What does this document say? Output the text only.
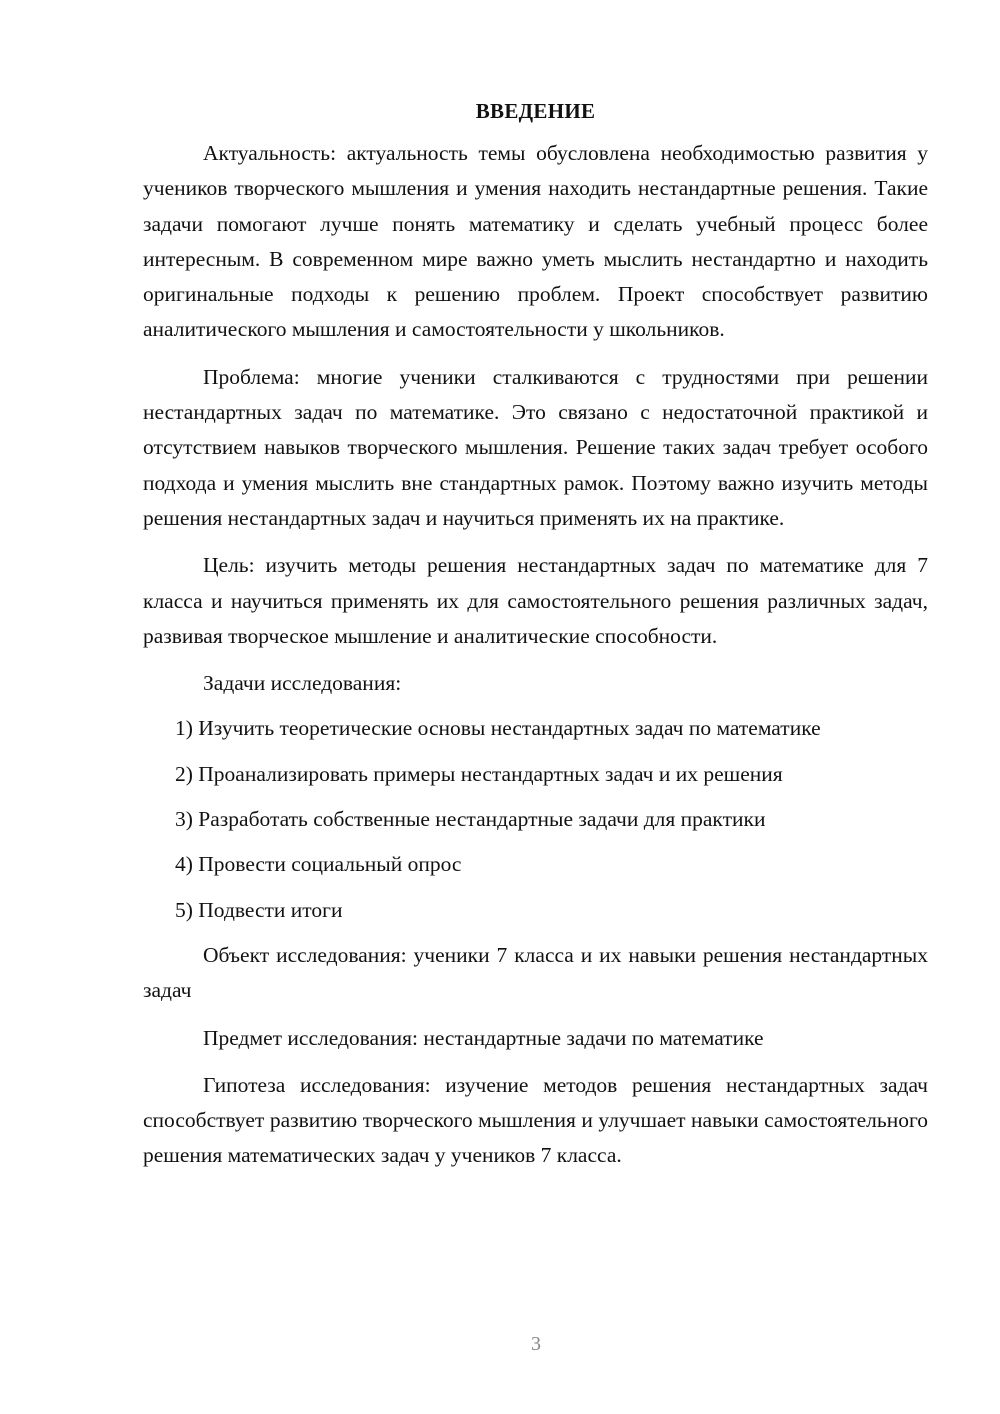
ВВЕДЕНИЕ

Актуальность: актуальность темы обусловлена необходимостью развития у учеников творческого мышления и умения находить нестандартные решения. Такие задачи помогают лучше понять математику и сделать учебный процесс более интересным. В современном мире важно уметь мыслить нестандартно и находить оригинальные подходы к решению проблем. Проект способствует развитию аналитического мышления и самостоятельности у школьников.

Проблема: многие ученики сталкиваются с трудностями при решении нестандартных задач по математике. Это связано с недостаточной практикой и отсутствием навыков творческого мышления. Решение таких задач требует особого подхода и умения мыслить вне стандартных рамок. Поэтому важно изучить методы решения нестандартных задач и научиться применять их на практике.

Цель: изучить методы решения нестандартных задач по математике для 7 класса и научиться применять их для самостоятельного решения различных задач, развивая творческое мышление и аналитические способности.

Задачи исследования:
1) Изучить теоретические основы нестандартных задач по математике
2) Проанализировать примеры нестандартных задач и их решения
3) Разработать собственные нестандартные задачи для практики
4) Провести социальный опрос
5) Подвести итоги

Объект исследования: ученики 7 класса и их навыки решения нестандартных задач

Предмет исследования: нестандартные задачи по математике

Гипотеза исследования: изучение методов решения нестандартных задач способствует развитию творческого мышления и улучшает навыки самостоятельного решения математических задач у учеников 7 класса.

3
